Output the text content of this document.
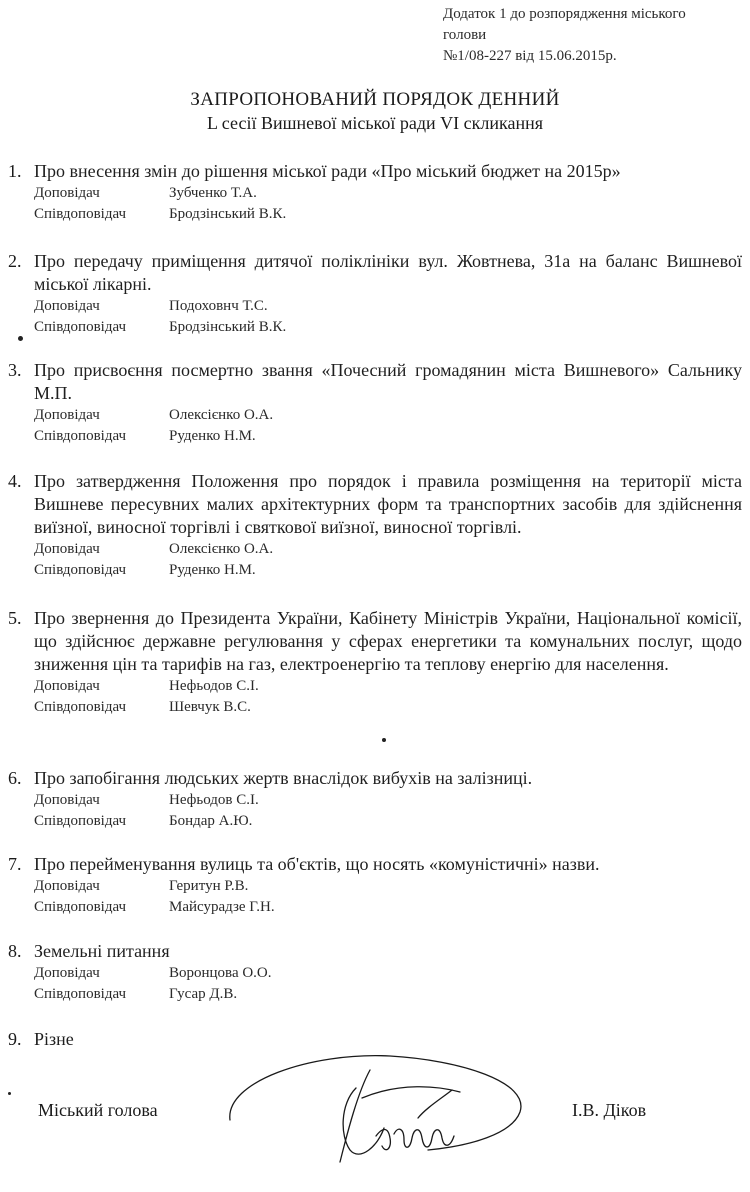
Додаток 1 до розпорядження міського
голови
№1/08-227 від 15.06.2015р.
ЗАПРОПОНОВАНИЙ ПОРЯДОК ДЕННИЙ
L сесії Вишневої міської ради VI скликання
1. Про внесення змін до рішення міської ради «Про міський бюджет на 2015р»
Доповідач	Зубченко Т.А.
Співдоповідач	Бродзінський В.К.
2. Про передачу приміщення дитячої поліклініки вул. Жовтнева, 31а на баланс Вишневої міської лікарні.
Доповідач	Подоховнч Т.С.
Співдоповідач	Бродзінський В.К.
3. Про присвоєння посмертно звання «Почесний громадянин міста Вишневого» Сальнику М.П.
Доповідач	Олексієнко О.А.
Співдоповідач	Руденко Н.М.
4. Про затвердження Положення про порядок і правила розміщення на території міста Вишневе пересувних малих архітектурних форм та транспортних засобів для здійснення виїзної, виносної торгівлі і святкової виїзної, виносної торгівлі.
Доповідач	Олексієнко О.А.
Співдоповідач	Руденко Н.М.
5. Про звернення до Президента України, Кабінету Міністрів України, Національної комісії, що здійснює державне регулювання у сферах енергетики та комунальних послуг, щодо зниження цін та тарифів на газ, електроенергію та теплову енергію для населення.
Доповідач	Нефьодов С.І.
Співдоповідач	Шевчук В.С.
6. Про запобігання людських жертв внаслідок вибухів на залізниці.
Доповідач	Нефьодов С.І.
Співдоповідач	Бондар А.Ю.
7. Про перейменування вулиць та об'єктів, що носять «комуністичні» назви.
Доповідач	Геритун Р.В.
Співдоповідач	Майсурадзе Г.Н.
8. Земельні питання
Доповідач	Воронцова О.О.
Співдоповідач	Гусар Д.В.
9. Різне
Міський голова	І.В. Діков
